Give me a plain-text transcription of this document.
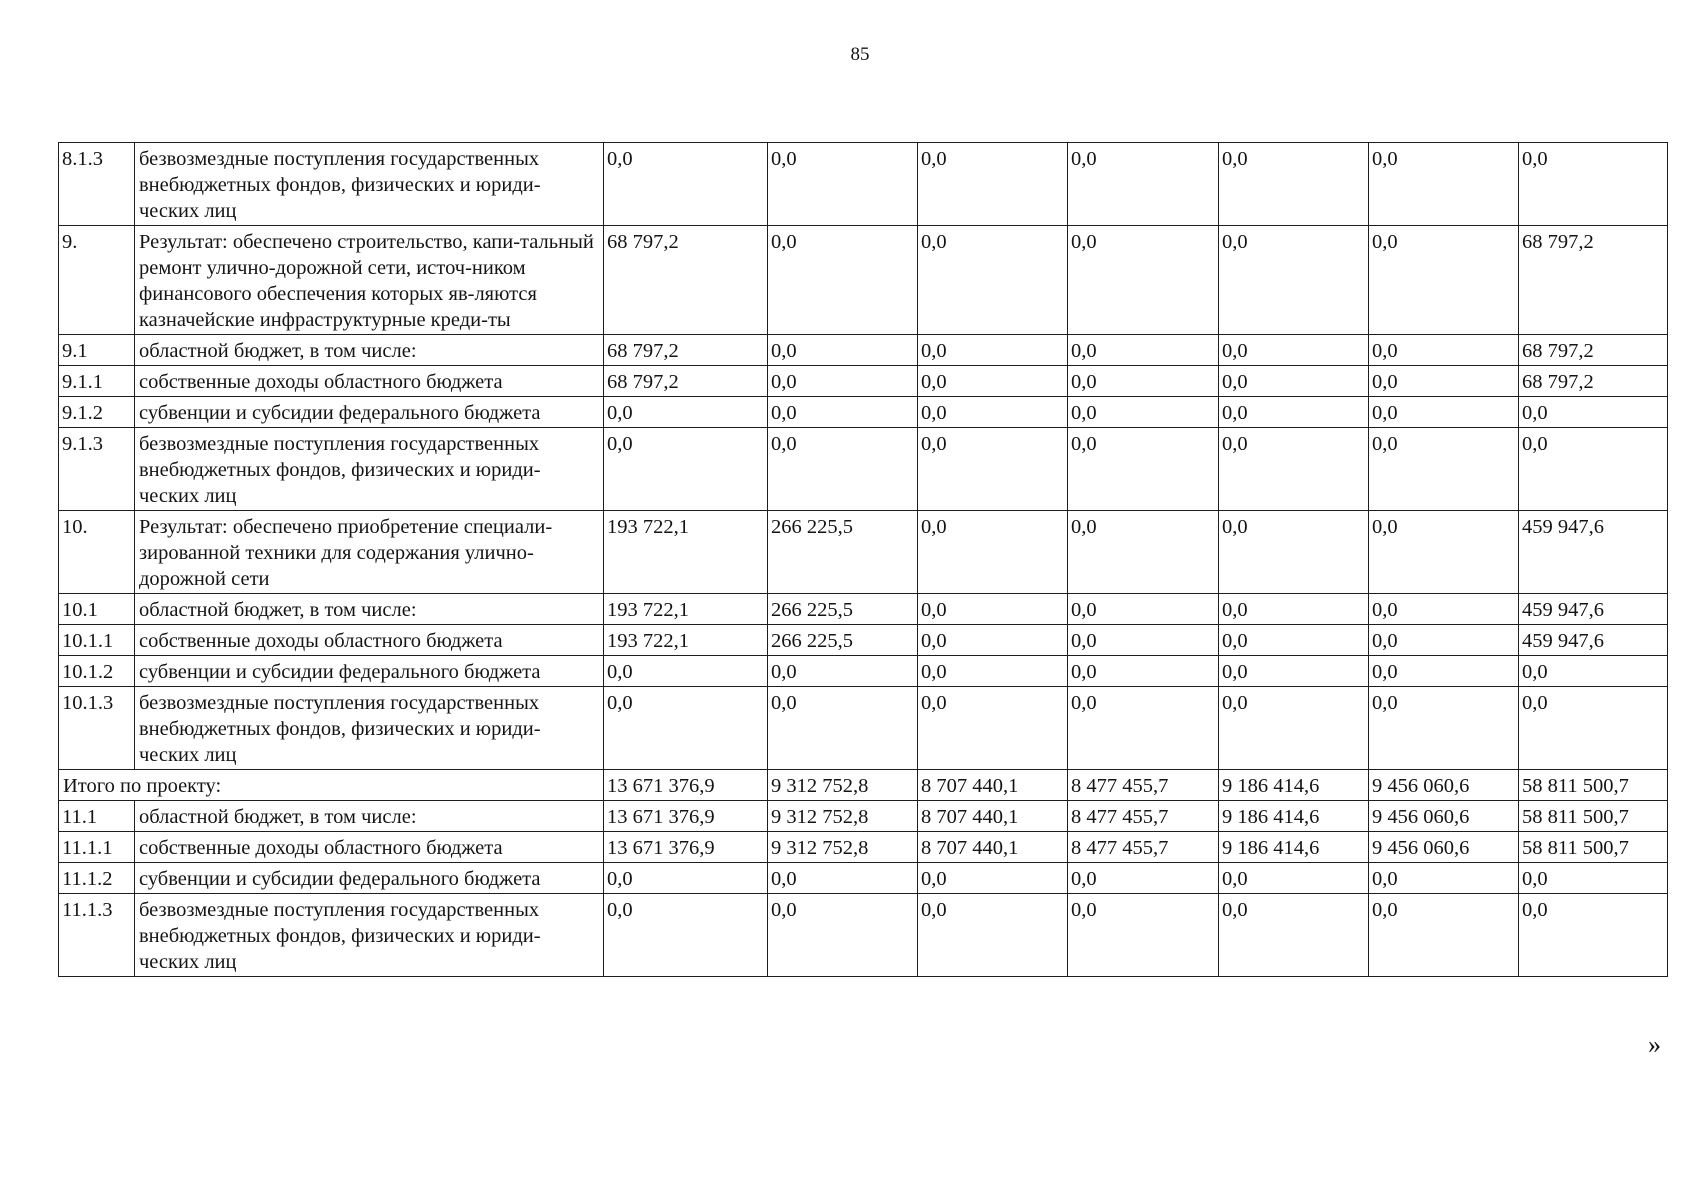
85
8.1.3	безвозмездные поступления государственных внебюджетных фондов, физических и юриди-ческих лиц	0,0	0,0	0,0	0,0	0,0	0,0	0,0
9.	Результат: обеспечено строительство, капи-тальный ремонт улично-дорожной сети, источ-ником финансового обеспечения которых яв-ляются казначейские инфраструктурные креди-ты	68 797,2	0,0	0,0	0,0	0,0	0,0	68 797,2
9.1	областной бюджет, в том числе:	68 797,2	0,0	0,0	0,0	0,0	0,0	68 797,2
9.1.1	собственные доходы областного бюджета	68 797,2	0,0	0,0	0,0	0,0	0,0	68 797,2
9.1.2	субвенции и субсидии федерального бюджета	0,0	0,0	0,0	0,0	0,0	0,0	0,0
9.1.3	безвозмездные поступления государственных внебюджетных фондов, физических и юриди-ческих лиц	0,0	0,0	0,0	0,0	0,0	0,0	0,0
10.	Результат: обеспечено приобретение специали-зированной техники для содержания улично-дорожной сети	193 722,1	266 225,5	0,0	0,0	0,0	0,0	459 947,6
10.1	областной бюджет, в том числе:	193 722,1	266 225,5	0,0	0,0	0,0	0,0	459 947,6
10.1.1	собственные доходы областного бюджета	193 722,1	266 225,5	0,0	0,0	0,0	0,0	459 947,6
10.1.2	субвенции и субсидии федерального бюджета	0,0	0,0	0,0	0,0	0,0	0,0	0,0
10.1.3	безвозмездные поступления государственных внебюджетных фондов, физических и юриди-ческих лиц	0,0	0,0	0,0	0,0	0,0	0,0	0,0
Итого по проекту:		13 671 376,9	9 312 752,8	8 707 440,1	8 477 455,7	9 186 414,6	9 456 060,6	58 811 500,7
11.1	областной бюджет, в том числе:	13 671 376,9	9 312 752,8	8 707 440,1	8 477 455,7	9 186 414,6	9 456 060,6	58 811 500,7
11.1.1	собственные доходы областного бюджета	13 671 376,9	9 312 752,8	8 707 440,1	8 477 455,7	9 186 414,6	9 456 060,6	58 811 500,7
11.1.2	субвенции и субсидии федерального бюджета	0,0	0,0	0,0	0,0	0,0	0,0	0,0
11.1.3	безвозмездные поступления государственных внебюджетных фондов, физических и юриди-ческих лиц	0,0	0,0	0,0	0,0	0,0	0,0	0,0
»
